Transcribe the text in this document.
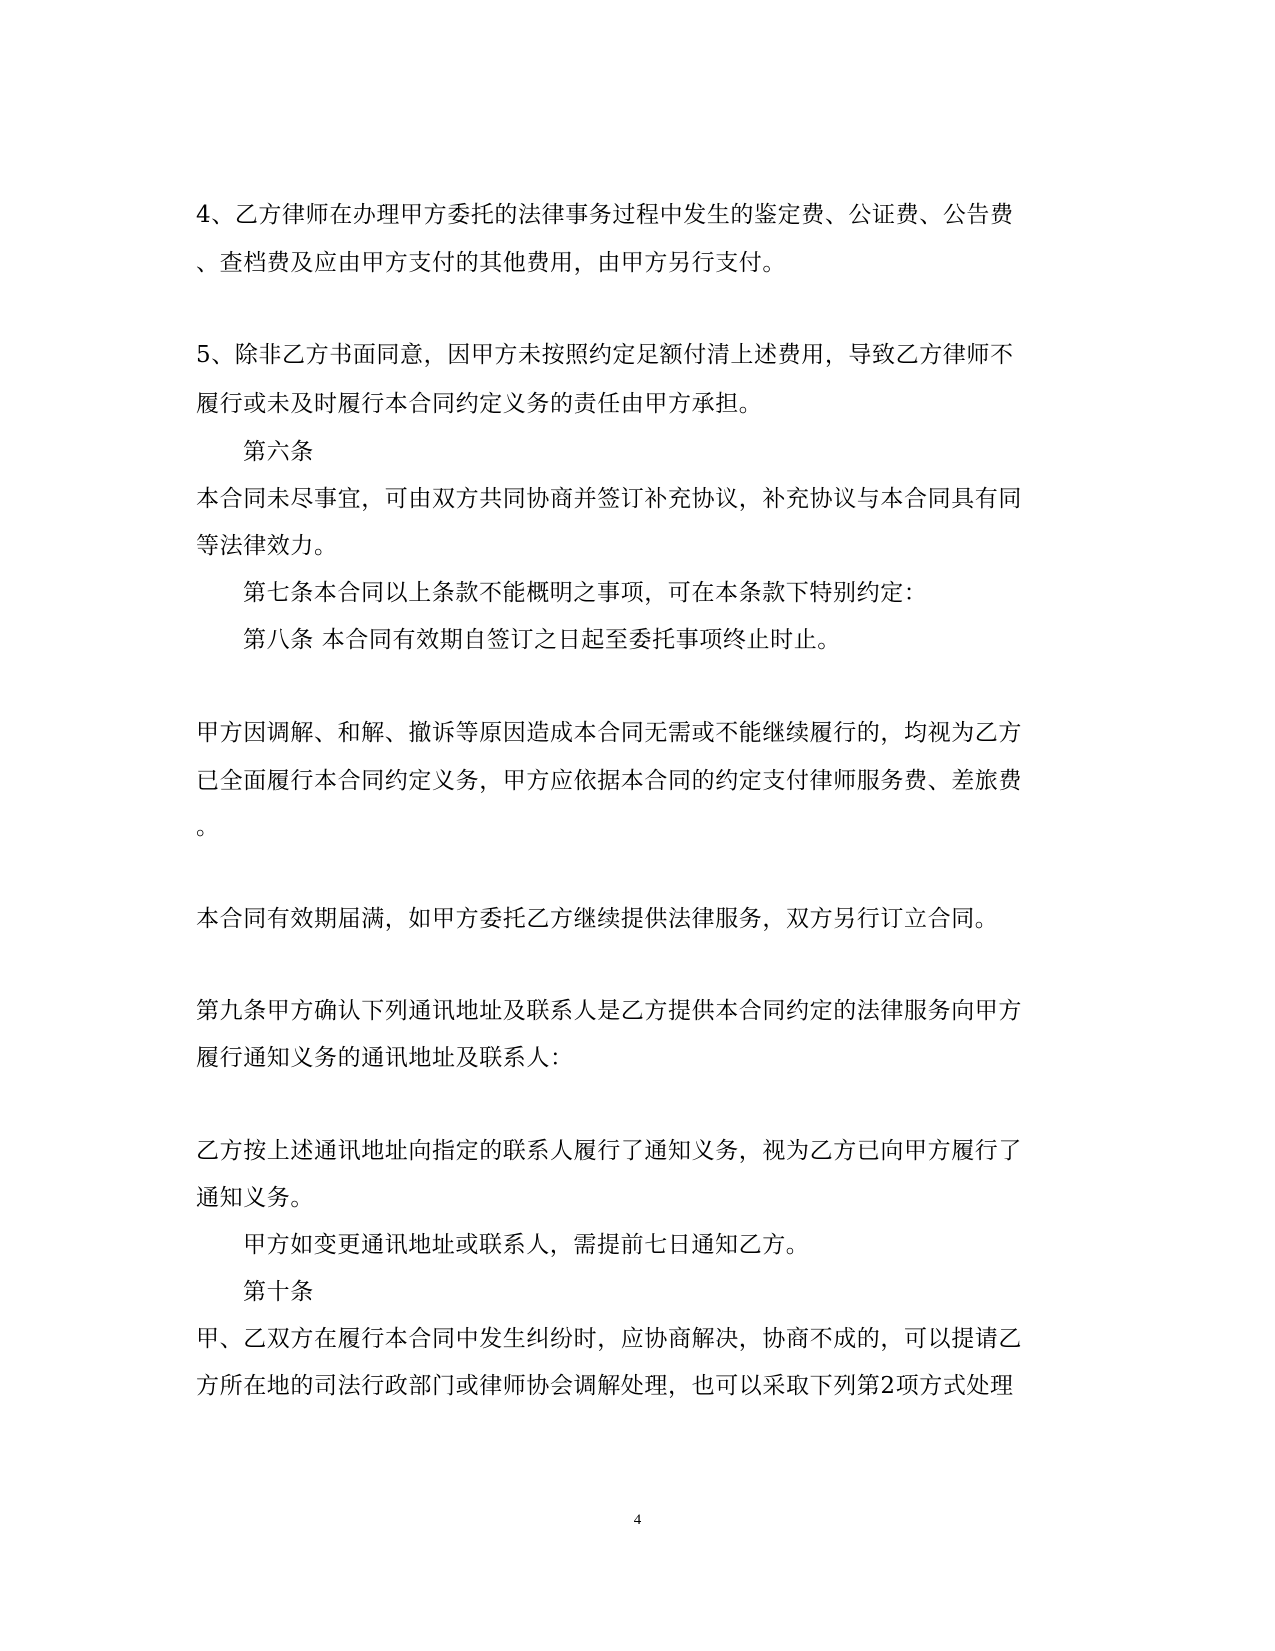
4、乙方律师在办理甲方委托的法律事务过程中发生的鉴定费、公证费、公告费
、查档费及应由甲方支付的其他费用，由甲方另行支付。
5、除非乙方书面同意，因甲方未按照约定足额付清上述费用，导致乙方律师不
履行或未及时履行本合同约定义务的责任由甲方承担。
第六条
本合同未尽事宜，可由双方共同协商并签订补充协议，补充协议与本合同具有同
等法律效力。
第七条本合同以上条款不能概明之事项，可在本条款下特别约定：
第八条 本合同有效期自签订之日起至委托事项终止时止。
甲方因调解、和解、撤诉等原因造成本合同无需或不能继续履行的，均视为乙方
已全面履行本合同约定义务，甲方应依据本合同的约定支付律师服务费、差旅费
。
本合同有效期届满，如甲方委托乙方继续提供法律服务，双方另行订立合同。
第九条甲方确认下列通讯地址及联系人是乙方提供本合同约定的法律服务向甲方
履行通知义务的通讯地址及联系人：
乙方按上述通讯地址向指定的联系人履行了通知义务，视为乙方已向甲方履行了
通知义务。
甲方如变更通讯地址或联系人，需提前七日通知乙方。
第十条
甲、乙双方在履行本合同中发生纠纷时，应协商解决，协商不成的，可以提请乙
方所在地的司法行政部门或律师协会调解处理，也可以采取下列第2项方式处理
4
